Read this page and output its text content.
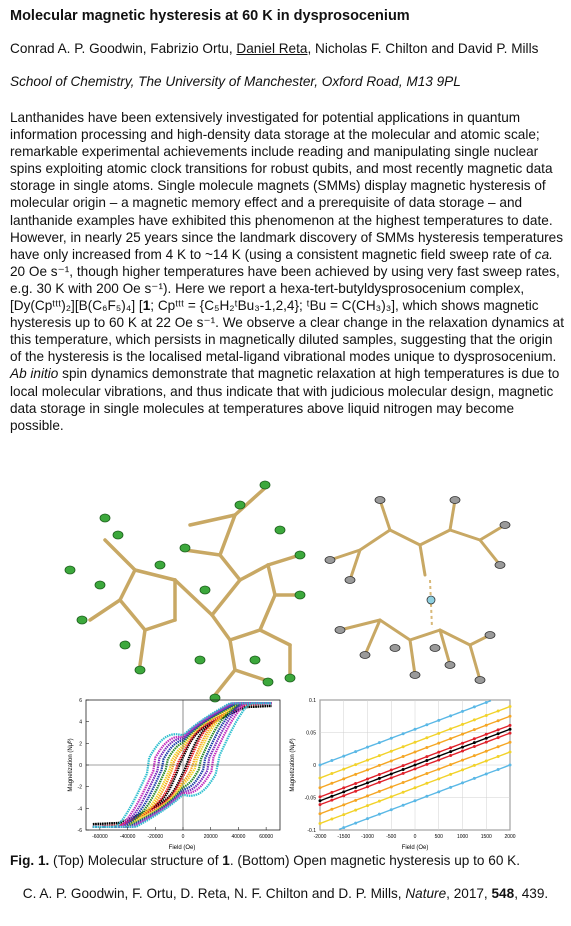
Molecular magnetic hysteresis at 60 K in dysprosocenium
Conrad A. P. Goodwin, Fabrizio Ortu, Daniel Reta, Nicholas F. Chilton and David P. Mills
School of Chemistry, The University of Manchester, Oxford Road, M13 9PL
Lanthanides have been extensively investigated for potential applications in quantum information processing and high-density data storage at the molecular and atomic scale; remarkable experimental achievements include reading and manipulating single nuclear spins exploiting atomic clock transitions for robust qubits, and most recently magnetic data storage in single atoms. Single molecule magnets (SMMs) display magnetic hysteresis of molecular origin – a magnetic memory effect and a prerequisite of data storage – and lanthanide examples have exhibited this phenomenon at the highest temperatures to date. However, in nearly 25 years since the landmark discovery of SMMs hysteresis temperatures have only increased from 4 K to ~14 K (using a consistent magnetic field sweep rate of ca. 20 Oe s⁻¹, though higher temperatures have been achieved by using very fast sweep rates, e.g. 30 K with 200 Oe s⁻¹). Here we report a hexa-tert-butyldysprosocenium complex, [Dy(Cpᵗᵗᵗ)₂][B(C₆F₅)₄] [1; Cpᵗᵗᵗ = {C₅H₂ᵗBu₃-1,2,4}; ᵗBu = C(CH₃)₃], which shows magnetic hysteresis up to 60 K at 22 Oe s⁻¹. We observe a clear change in the relaxation dynamics at this temperature, which persists in magnetically diluted samples, suggesting that the origin of the hysteresis is the localised metal-ligand vibrational modes unique to dysprosocenium. Ab initio spin dynamics demonstrate that magnetic relaxation at high temperatures is due to local molecular vibrations, and thus indicate that with judicious molecular design, magnetic data storage in single molecules at temperatures above liquid nitrogen may become possible.
-60000 -40000 -20000	0	20000	40000	60000
-6
-4
-2
0
2
4
6
Field (Oe)
Magnetization (Nμᴮ)
-2000 -1500 -1000 -500	0	500	1000	1500	2000
-0.1
-0.05
0
0.05
0.1
Field (Oe)
Magnetization (Nμᴮ)
Fig. 1. (Top) Molecular structure of 1. (Bottom) Open magnetic hysteresis up to 60 K.
C. A. P. Goodwin, F. Ortu, D. Reta, N. F. Chilton and D. P. Mills, Nature, 2017, 548, 439.
